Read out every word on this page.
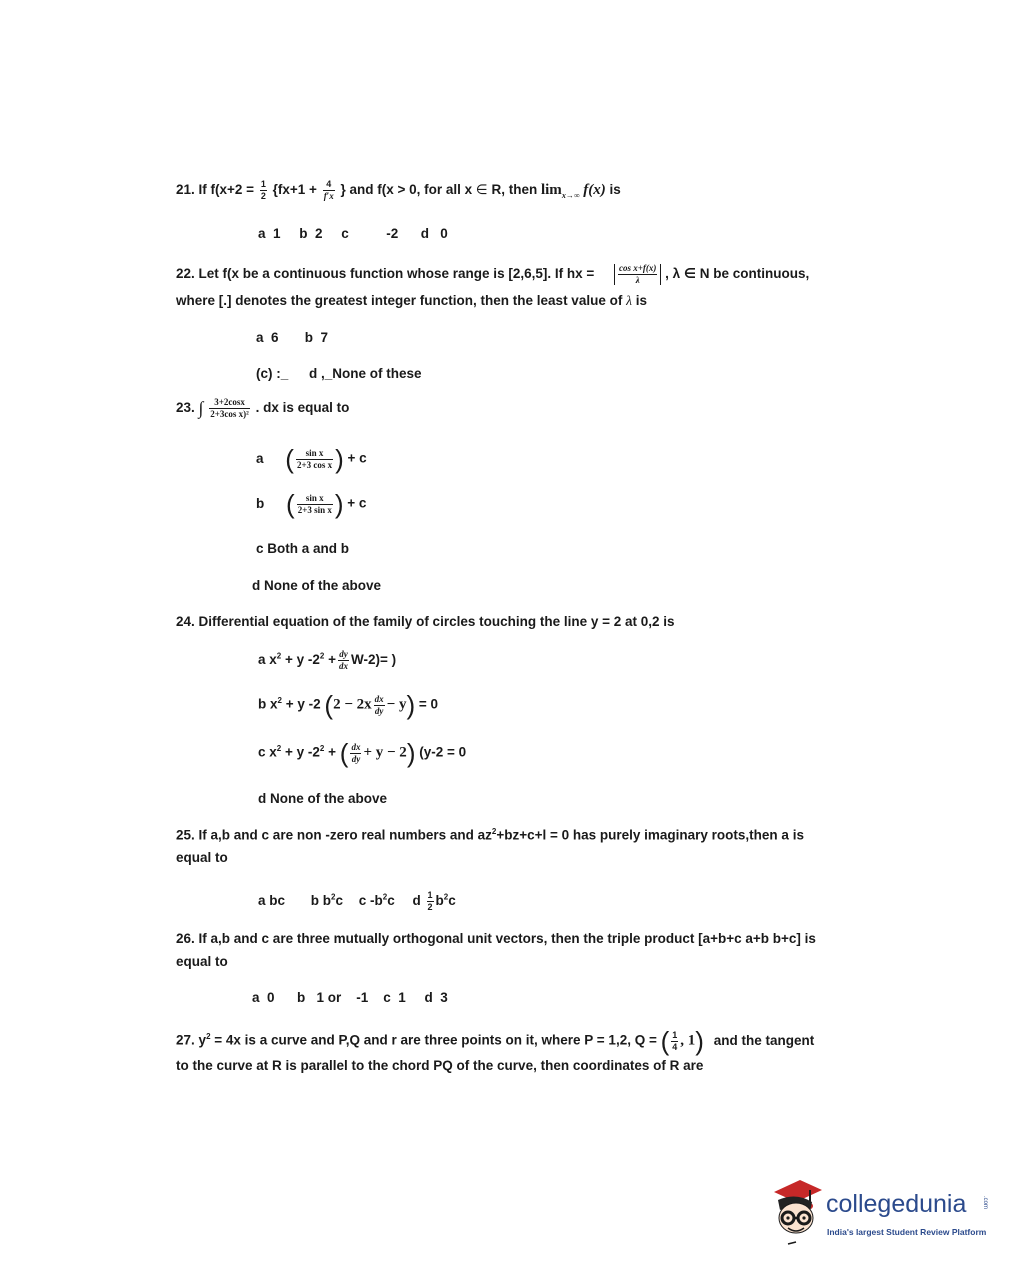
21. If $f(x+2 = \frac{1}{2} \{fx+1 + \frac{4}{f'x}$ } and f(x > 0, for all x ∈ R, then $\lim_{x\to\infty} f(x)$ is
a  1     b  2     c          -2      d   0
22. Let f(x be a continuous function whose range is [2,6,5]. If hx =	$\frac{\text{cos x+f(x)}}{\lambda}$ , λ ∈ N be continuous,
where [.] denotes the greatest integer function, then the least value of λ is
a  6       b  7
(c) :_ d ,_None of these
23. ∫ $\frac{3+2\cos x}{\text{2+3cos x)²}}$ . dx is equal to
a ( $\frac{\text{sin x}}{\text{2+3 cos x}}$ ) + c
b ( $\frac{\text{sin x}}{\text{2+3 sin x}}$ ) + c
c Both a and b
d None of the above
24. Differential equation of the family of circles touching the line y = 2 at 0,2 is
a $x^2 + y$ $-2^2 + \frac{dy}{dx} W-2)=$ )
b $x^2 + y$ -2 $(2 - 2x \frac{dx}{dy} - y) = 0$
c $x^2 + y$ $-2^2$ + ( $\frac{dx}{dy} + y - 2$) (y-2 = 0
d None of the above
25. If a,b and c are non -zero real numbers and $az^2+bz+c+l = 0$ has purely imaginary roots,then a is
equal to
a bc b $b^2c$ c $-b^2c$ d $\frac{1}{2} b^2c$
26. If a,b and c are three mutually orthogonal unit vectors, then the triple product [a+b+c a+b b+c] is
equal to
a  0      b   1 or    -1    c  1     d  3
27. $y^2 = 4x$ is a curve and P,Q and r are three points on it, where P = 1,2, Q = ( $\frac{1}{4}$ , 1) and the tangent
to the curve at R is parallel to the chord PQ of the curve, then coordinates of R are
collegedunia	.com
India's largest Student Review Platform
